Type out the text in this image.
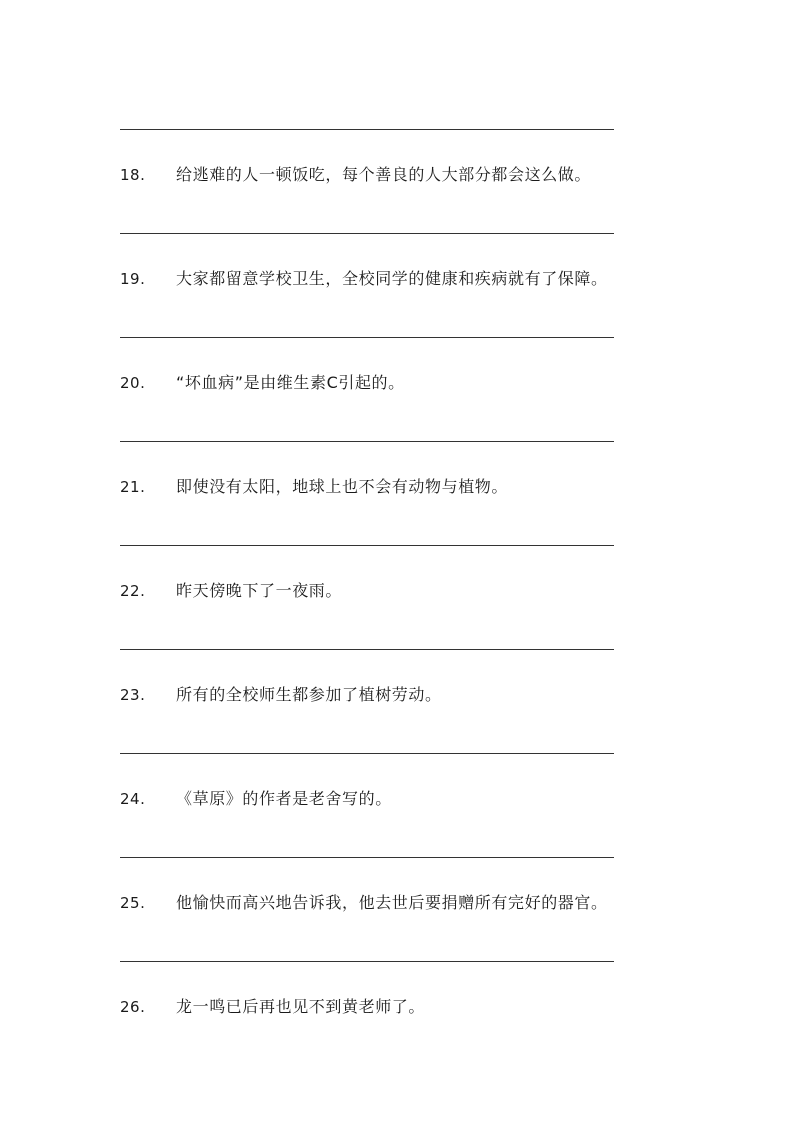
18. 给逃难的人一顿饭吃，每个善良的人大部分都会这么做。
19. 大家都留意学校卫生，全校同学的健康和疾病就有了保障。
20. “坏血病”是由维生素C引起的。
21. 即使没有太阳，地球上也不会有动物与植物。
22. 昨天傍晚下了一夜雨。
23. 所有的全校师生都参加了植树劳动。
24. 《草原》的作者是老舍写的。
25. 他愉快而高兴地告诉我，他去世后要捐赠所有完好的器官。
26. 龙一鸣已后再也见不到黄老师了。
